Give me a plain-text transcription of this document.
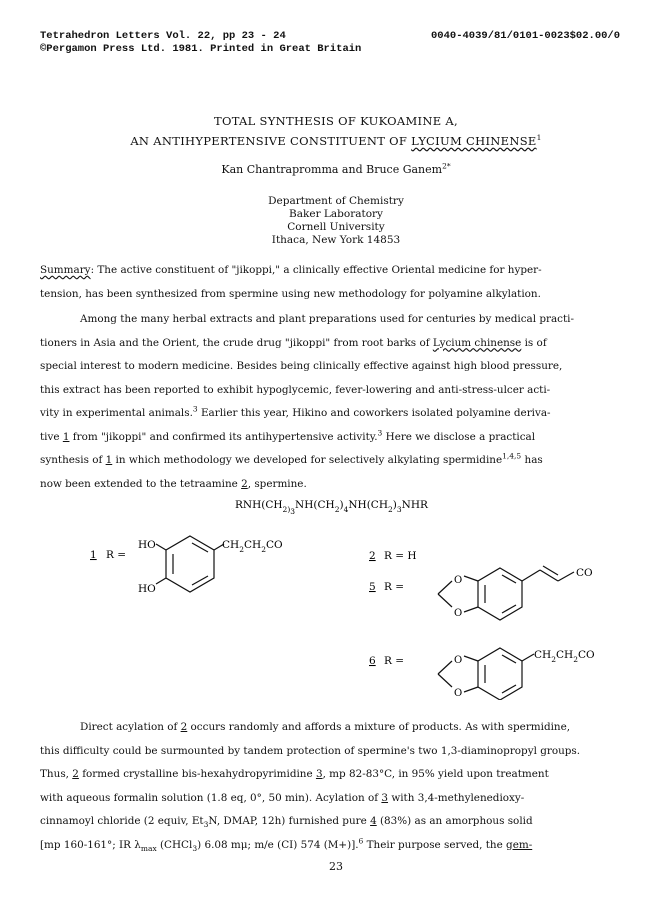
Tetrahedron Letters Vol. 22, pp 23 - 24
©Pergamon Press Ltd. 1981. Printed in Great Britain
0040-4039/81/0101-0023$02.00/0
TOTAL SYNTHESIS OF KUKOAMINE A,
AN ANTIHYPERTENSIVE CONSTITUENT OF LYCIUM CHINENSE$^1$
Kan Chantrapromma and Bruce Ganem$^{2*}$
Department of Chemistry
Baker Laboratory
Cornell University
Ithaca, New York 14853

Summary: The active constituent of "jikoppi," a clinically effective Oriental medicine for hyper-

tension, has been synthesized from spermine using new methodology for polyamine alkylation.

Among the many herbal extracts and plant preparations used for centuries by medical practi-

tioners in Asia and the Orient, the crude drug "jikoppi" from root barks of Lycium chinense is of

special interest to modern medicine. Besides being clinically effective against high blood pressure,

this extract has been reported to exhibit hypoglycemic, fever-lowering and anti-stress-ulcer acti-

vity in experimental animals.$^3$ Earlier this year, Hikino and coworkers isolated polyamine deriva-

tive 1 from "jikoppi" and confirmed its antihypertensive activity.$^3$ Here we disclose a practical

synthesis of 1 in which methodology we developed for selectively alkylating spermidine$^{1,4,5}$ has

now been extended to the tetraamine 2, spermine.

$RNH(CH_2)3NH(CH_2)_4NH(CH_2)_3NHR$
1 R =
HO
HO
$CH_2CH_2CO$
2 R = H
5 R =
O
O
CO
6 R =	O
O
$CH_2CH_2CO$

Direct acylation of 2 occurs randomly and affords a mixture of products. As with spermidine,

this difficulty could be surmounted by tandem protection of spermine's two 1,3-diaminopropyl groups.

Thus, 2 formed crystalline bis-hexahydropyrimidine 3, mp 82-83°C, in 95% yield upon treatment

with aqueous formalin solution (1.8 eq, 0°, 50 min). Acylation of 3 with 3,4-methylenedioxy-

cinnamoyl chloride (2 equiv, $Et_3N$, DMAP, 12h) furnished pure 4 (83%) as an amorphous solid

[mp 160-161°; IR $\lambda_{max}$ (CHCl$_3$) 6.08 mμ; m/e (CI) 574 (M+)].$^6$ Their purpose served, the gem-

23
